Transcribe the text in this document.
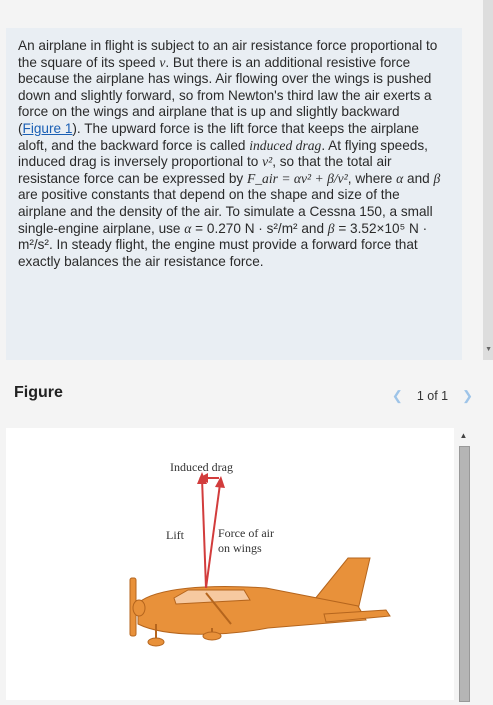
An airplane in flight is subject to an air resistance force proportional to the square of its speed v. But there is an additional resistive force because the airplane has wings. Air flowing over the wings is pushed down and slightly forward, so from Newton's third law the air exerts a force on the wings and airplane that is up and slightly backward (Figure 1). The upward force is the lift force that keeps the airplane aloft, and the backward force is called induced drag. At flying speeds, induced drag is inversely proportional to v², so that the total air resistance force can be expressed by F_air = αv² + β/v², where α and β are positive constants that depend on the shape and size of the airplane and the density of the air. To simulate a Cessna 150, a small single-engine airplane, use α = 0.270 N · s²/m² and β = 3.52×10⁵ N · m²/s². In steady flight, the engine must provide a forward force that exactly balances the air resistance force.
▼
Figure	❮ 1 of 1 ❯
Induced drag
Lift	Force of air
on wings
▲
